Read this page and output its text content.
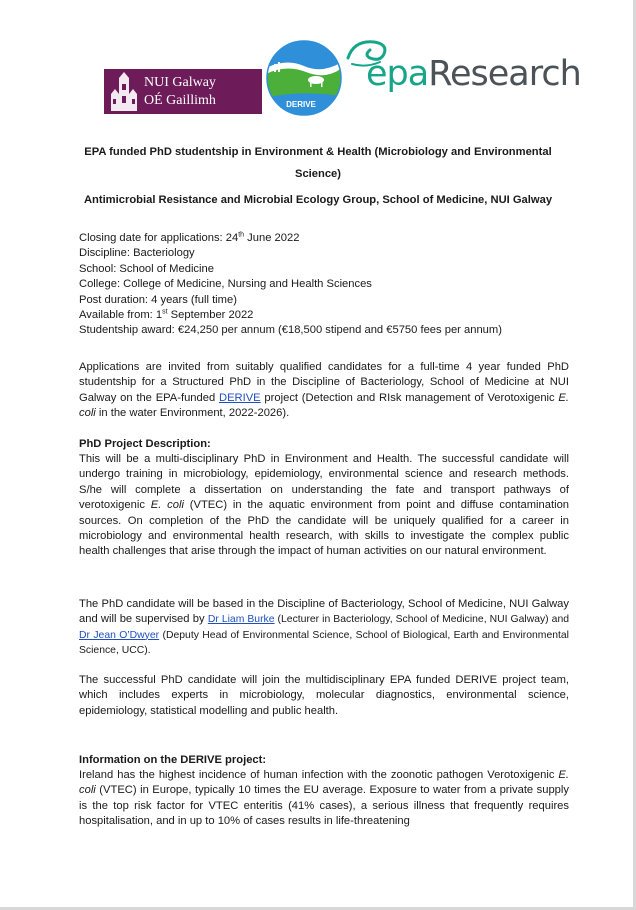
NUI Galway
OÉ Gaillimh	DERIVE
epaResearch
EPA funded PhD studentship in Environment & Health (Microbiology and Environmental
Science)
Antimicrobial Resistance and Microbial Ecology Group, School of Medicine, NUI Galway
Closing date for applications: 24th June 2022
Discipline: Bacteriology
School: School of Medicine
College: College of Medicine, Nursing and Health Sciences
Post duration: 4 years (full time)
Available from: 1st September 2022
Studentship award: €24,250 per annum (€18,500 stipend and €5750 fees per annum)
Applications are invited from suitably qualified candidates for a full-time 4 year funded PhD studentship for a Structured PhD in the Discipline of Bacteriology, School of Medicine at NUI Galway on the EPA-funded DERIVE project (Detection and RIsk management of Verotoxigenic E. coli in the water Environment, 2022-2026).
PhD Project Description:
This will be a multi-disciplinary PhD in Environment and Health. The successful candidate will undergo training in microbiology, epidemiology, environmental science and research methods. S/he will complete a dissertation on understanding the fate and transport pathways of verotoxigenic E. coli (VTEC) in the aquatic environment from point and diffuse contamination sources. On completion of the PhD the candidate will be uniquely qualified for a career in microbiology and environmental health research, with skills to investigate the complex public health challenges that arise through the impact of human activities on our natural environment.
The PhD candidate will be based in the Discipline of Bacteriology, School of Medicine, NUI Galway and will be supervised by Dr Liam Burke (Lecturer in Bacteriology, School of Medicine, NUI Galway) and Dr Jean O’Dwyer (Deputy Head of Environmental Science, School of Biological, Earth and Environmental Science, UCC).
The successful PhD candidate will join the multidisciplinary EPA funded DERIVE project team, which includes experts in microbiology, molecular diagnostics, environmental science, epidemiology, statistical modelling and public health.
Information on the DERIVE project:
Ireland has the highest incidence of human infection with the zoonotic pathogen Verotoxigenic E. coli (VTEC) in Europe, typically 10 times the EU average. Exposure to water from a private supply is the top risk factor for VTEC enteritis (41% cases), a serious illness that frequently requires hospitalisation, and in up to 10% of cases results in life-threatening
